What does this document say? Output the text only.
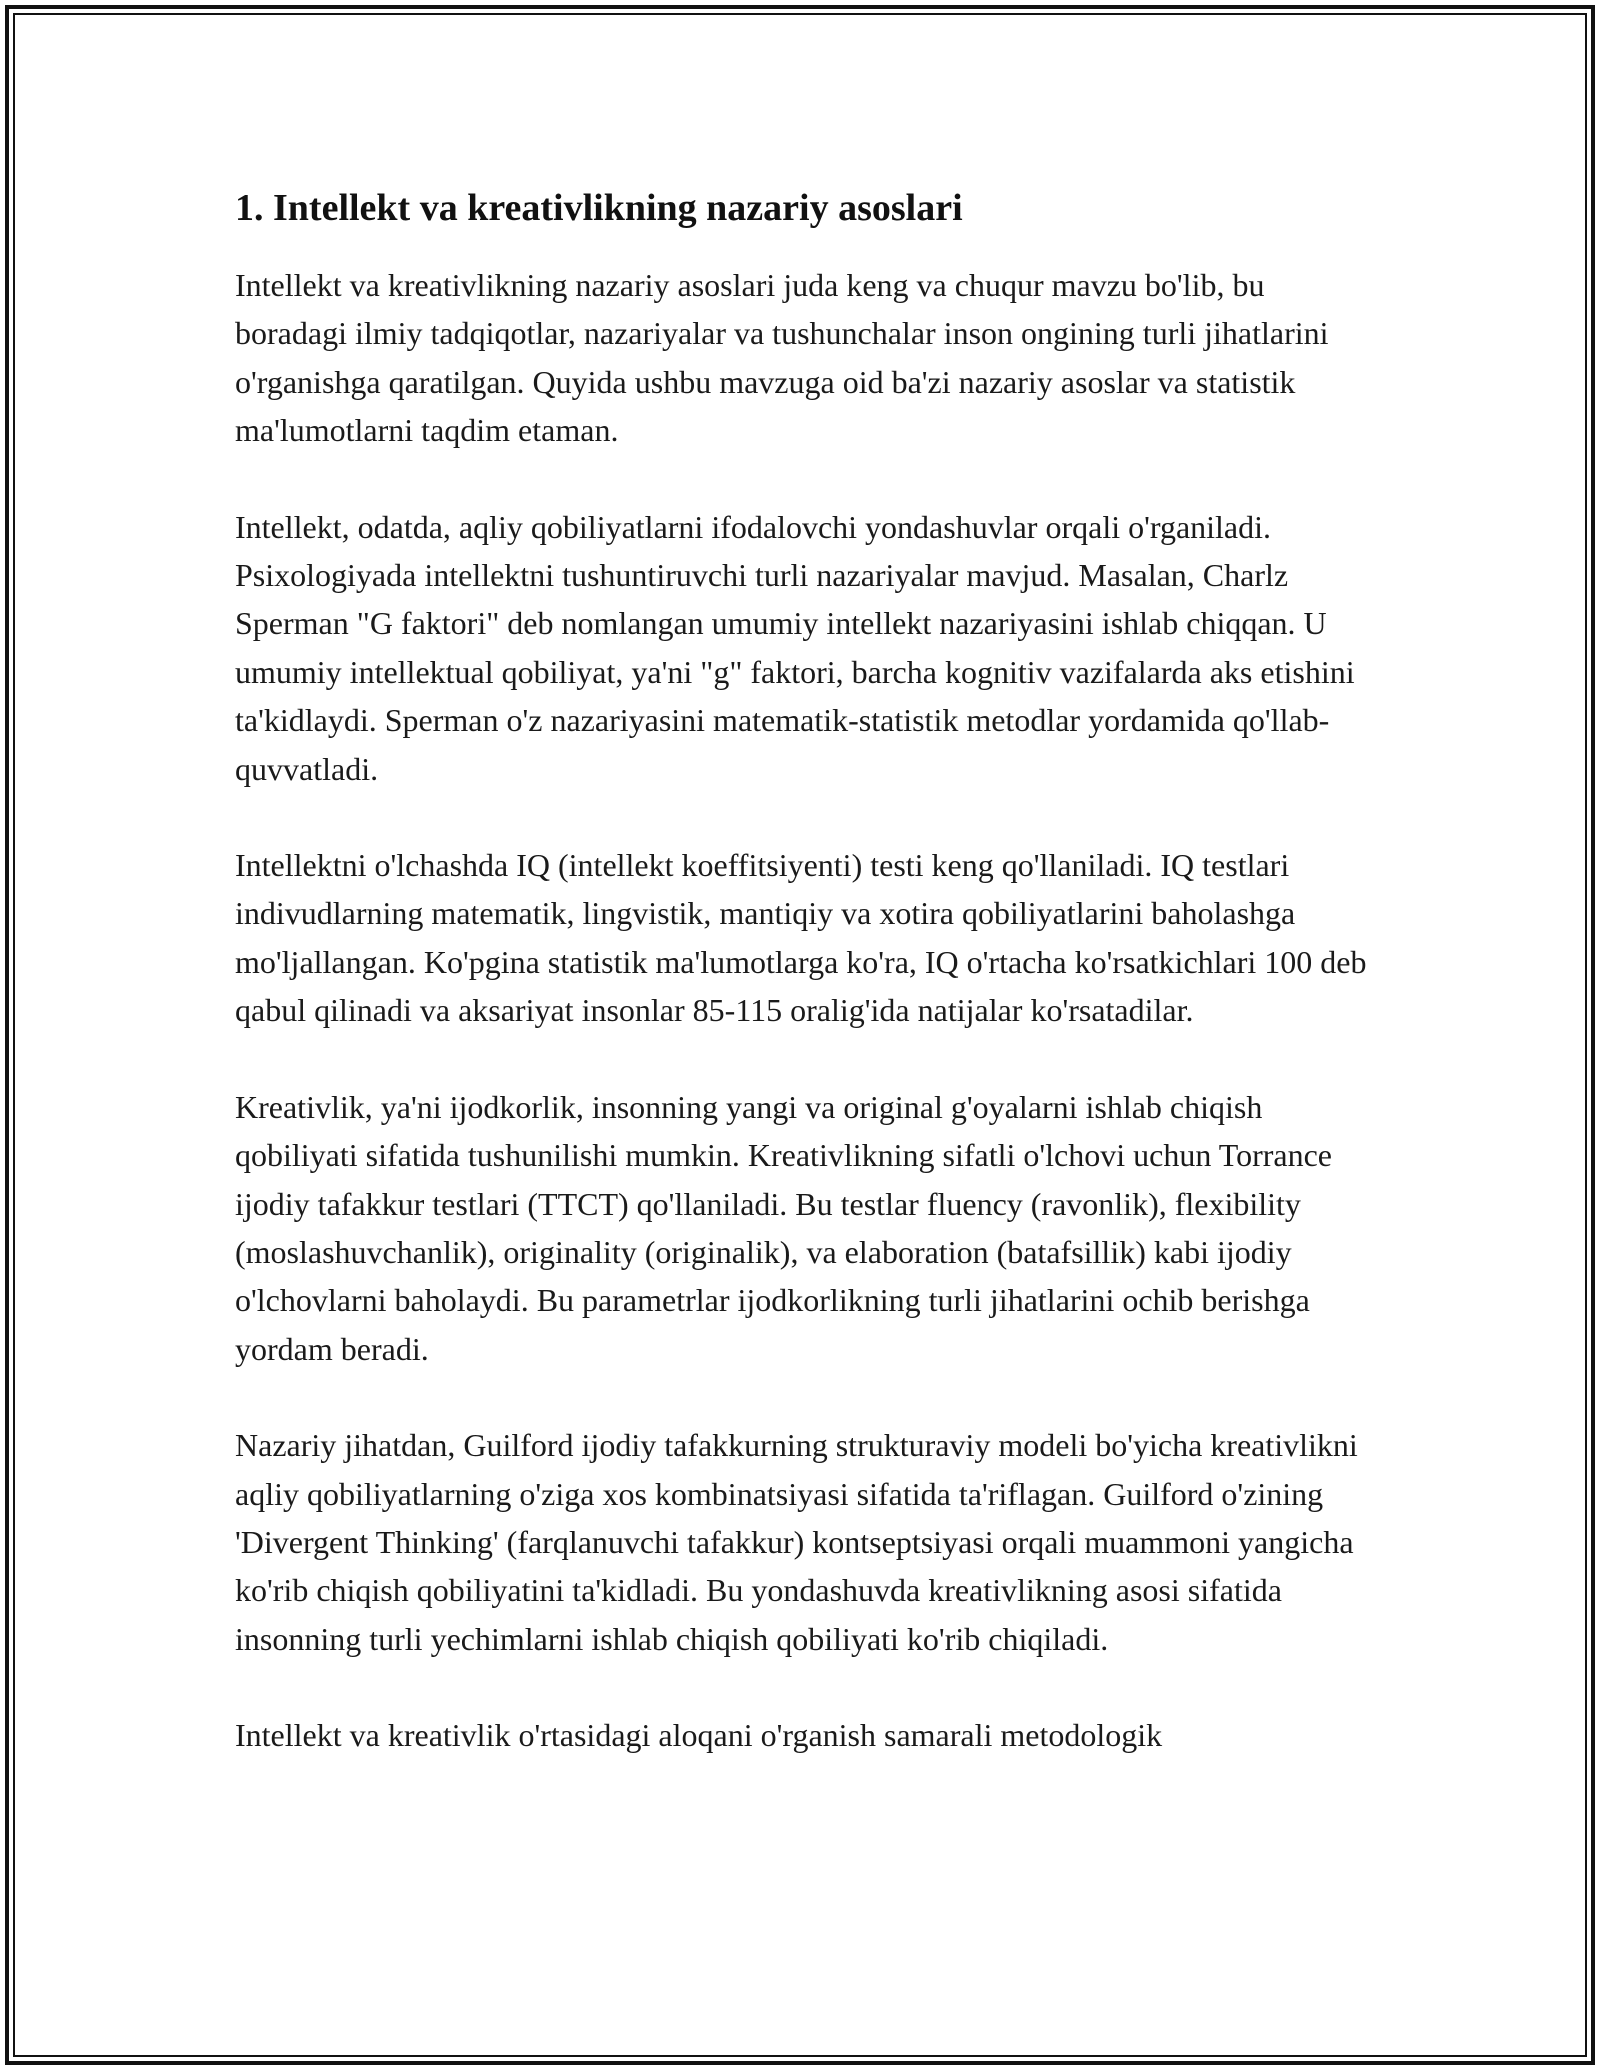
1. Intellekt va kreativlikning nazariy asoslari

Intellekt va kreativlikning nazariy asoslari juda keng va chuqur mavzu bo'lib, bu boradagi ilmiy tadqiqotlar, nazariyalar va tushunchalar inson ongining turli jihatlarini o'rganishga qaratilgan. Quyida ushbu mavzuga oid ba'zi nazariy asoslar va statistik ma'lumotlarni taqdim etaman.

Intellekt, odatda, aqliy qobiliyatlarni ifodalovchi yondashuvlar orqali o'rganiladi. Psixologiyada intellektni tushuntiruvchi turli nazariyalar mavjud. Masalan, Charlz Sperman "G faktori" deb nomlangan umumiy intellekt nazariyasini ishlab chiqqan. U umumiy intellektual qobiliyat, ya'ni "g" faktori, barcha kognitiv vazifalarda aks etishini ta'kidlaydi. Sperman o'z nazariyasini matematik-statistik metodlar yordamida qo'llab-quvvatladi.

Intellektni o'lchashda IQ (intellekt koeffitsiyenti) testi keng qo'llaniladi. IQ testlari indivudlarning matematik, lingvistik, mantiqiy va xotira qobiliyatlarini baholashga mo'ljallangan. Ko'pgina statistik ma'lumotlarga ko'ra, IQ o'rtacha ko'rsatkichlari 100 deb qabul qilinadi va aksariyat insonlar 85-115 oralig'ida natijalar ko'rsatadilar.

Kreativlik, ya'ni ijodkorlik, insonning yangi va original g'oyalarni ishlab chiqish qobiliyati sifatida tushunilishi mumkin. Kreativlikning sifatli o'lchovi uchun Torrance ijodiy tafakkur testlari (TTCT) qo'llaniladi. Bu testlar fluency (ravonlik), flexibility (moslashuvchanlik), originality (originalik), va elaboration (batafsillik) kabi ijodiy o'lchovlarni baholaydi. Bu parametrlar ijodkorlikning turli jihatlarini ochib berishga yordam beradi.

Nazariy jihatdan, Guilford ijodiy tafakkurning strukturaviy modeli bo'yicha kreativlikni aqliy qobiliyatlarning o'ziga xos kombinatsiyasi sifatida ta'riflagan. Guilford o'zining 'Divergent Thinking' (farqlanuvchi tafakkur) kontseptsiyasi orqali muammoni yangicha ko'rib chiqish qobiliyatini ta'kidladi. Bu yondashuvda kreativlikning asosi sifatida insonning turli yechimlarni ishlab chiqish qobiliyati ko'rib chiqiladi.

Intellekt va kreativlik o'rtasidagi aloqani o'rganish samarali metodologik
